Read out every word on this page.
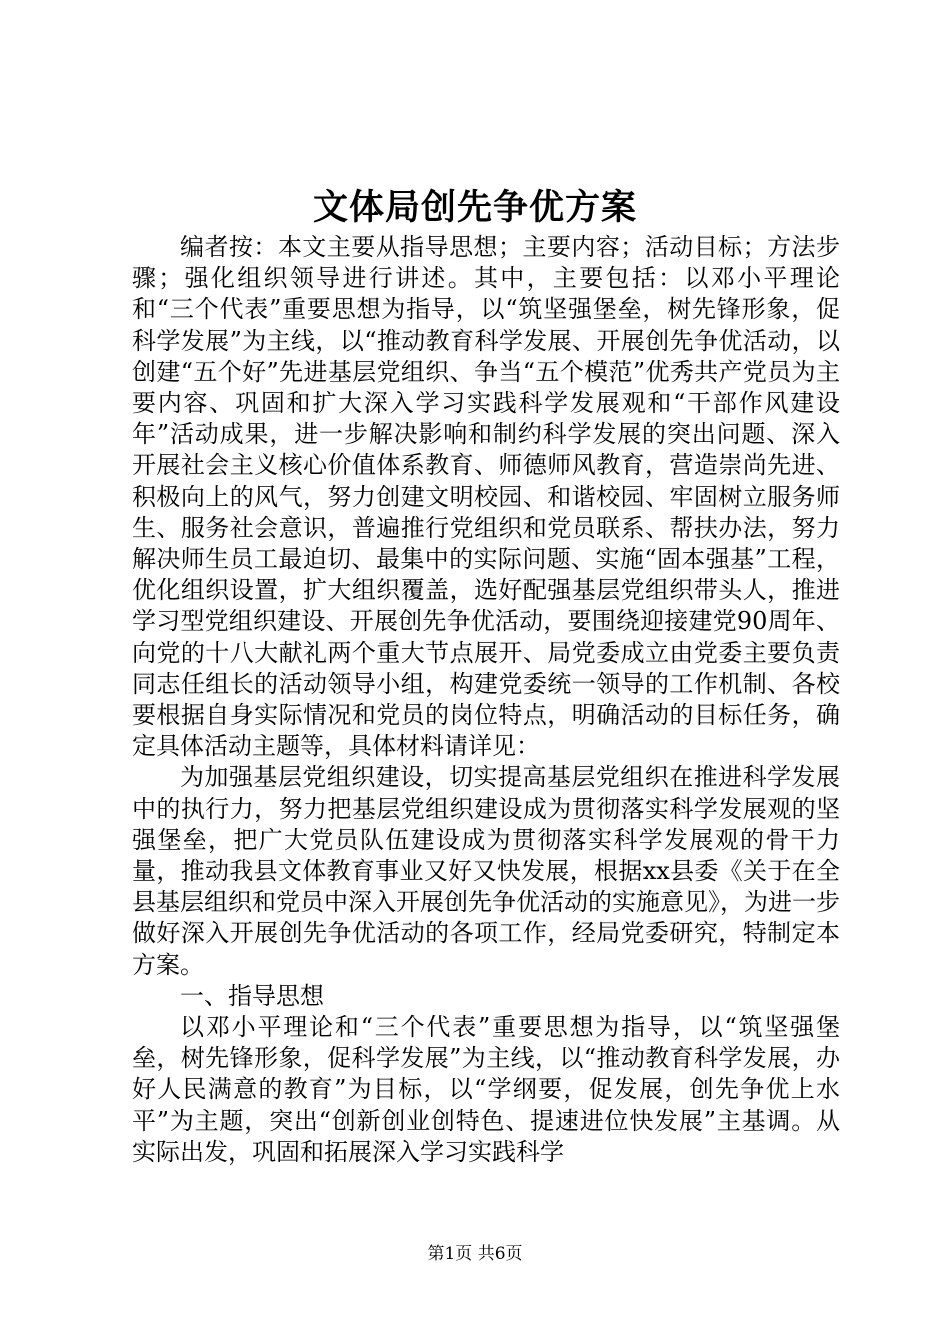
文体局创先争优方案

编者按：本文主要从指导思想；主要内容；活动目标；方法步骤；强化组织领导进行讲述。其中，主要包括：以邓小平理论和“三个代表”重要思想为指导，以“筑坚强堡垒，树先锋形象，促科学发展”为主线，以“推动教育科学发展、开展创先争优活动，以创建“五个好”先进基层党组织、争当“五个模范”优秀共产党员为主要内容、巩固和扩大深入学习实践科学发展观和“干部作风建设年”活动成果，进一步解决影响和制约科学发展的突出问题、深入开展社会主义核心价值体系教育、师德师风教育，营造崇尚先进、积极向上的风气，努力创建文明校园、和谐校园、牢固树立服务师生、服务社会意识，普遍推行党组织和党员联系、帮扶办法，努力解决师生员工最迫切、最集中的实际问题、实施“固本强基”工程，优化组织设置，扩大组织覆盖，选好配强基层党组织带头人，推进学习型党组织建设、开展创先争优活动，要围绕迎接建党90周年、向党的十八大献礼两个重大节点展开、局党委成立由党委主要负责同志任组长的活动领导小组，构建党委统一领导的工作机制、各校要根据自身实际情况和党员的岗位特点，明确活动的目标任务，确定具体活动主题等，具体材料请详见：

为加强基层党组织建设，切实提高基层党组织在推进科学发展中的执行力，努力把基层党组织建设成为贯彻落实科学发展观的坚强堡垒，把广大党员队伍建设成为贯彻落实科学发展观的骨干力量，推动我县文体教育事业又好又快发展，根据xx县委《关于在全县基层组织和党员中深入开展创先争优活动的实施意见》，为进一步做好深入开展创先争优活动的各项工作，经局党委研究，特制定本方案。

一、指导思想

以邓小平理论和“三个代表”重要思想为指导，以“筑坚强堡垒，树先锋形象，促科学发展”为主线，以“推动教育科学发展，办好人民满意的教育”为目标，以“学纲要，促发展，创先争优上水平”为主题，突出“创新创业创特色、提速进位快发展”主基调。从实际出发，巩固和拓展深入学习实践科学

第1页 共6页
